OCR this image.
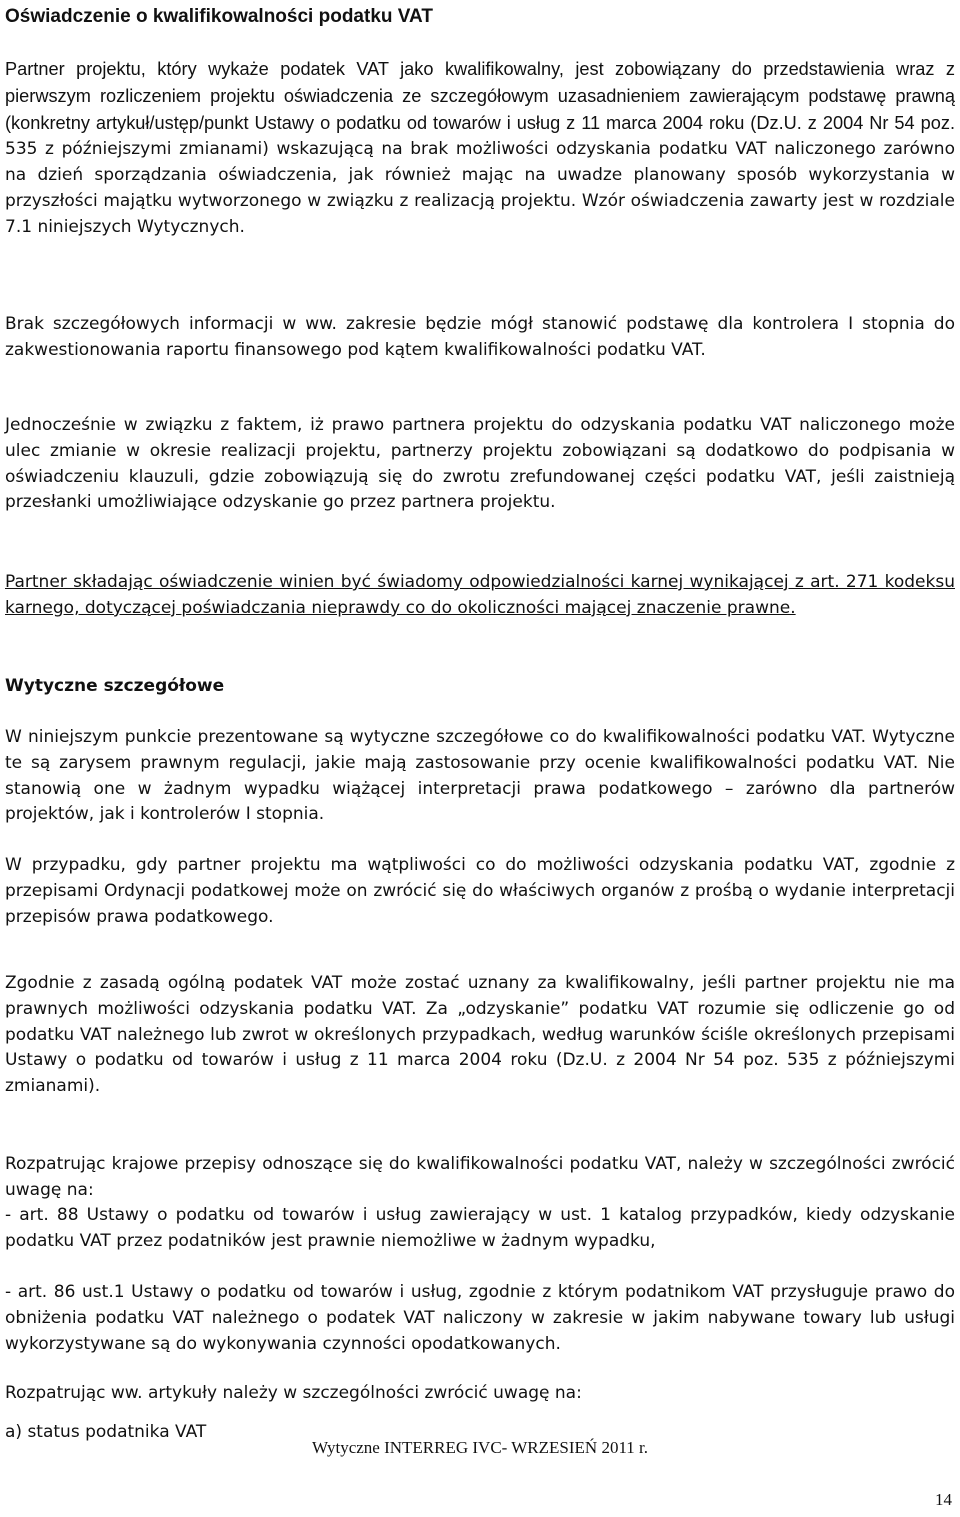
Oświadczenie o kwalifikowalności podatku VAT

Partner projektu, który wykaże podatek VAT jako kwalifikowalny, jest zobowiązany do przedstawienia wraz z pierwszym rozliczeniem projektu oświadczenia ze szczegółowym uzasadnieniem zawierającym podstawę prawną (konkretny artykuł/ustęp/punkt Ustawy o podatku od towarów i usług z 11 marca 2004 roku (Dz.U. z 2004 Nr 54 poz. 535 z późniejszymi zmianami) wskazującą na brak możliwości odzyskania podatku VAT naliczonego zarówno na dzień sporządzania oświadczenia, jak również mając na uwadze planowany sposób wykorzystania w przyszłości majątku wytworzonego w związku z realizacją projektu. Wzór oświadczenia zawarty jest w rozdziale 7.1 niniejszych Wytycznych.

Brak szczegółowych informacji w ww. zakresie będzie mógł stanowić podstawę dla kontrolera I stopnia do zakwestionowania raportu finansowego pod kątem kwalifikowalności podatku VAT.

Jednocześnie w związku z faktem, iż prawo partnera projektu do odzyskania podatku VAT naliczonego może ulec zmianie w okresie realizacji projektu, partnerzy projektu zobowiązani są dodatkowo do podpisania w oświadczeniu klauzuli, gdzie zobowiązują się do zwrotu zrefundowanej części podatku VAT, jeśli zaistnieją przesłanki umożliwiające odzyskanie go przez partnera projektu.

Partner składając oświadczenie winien być świadomy odpowiedzialności karnej wynikającej z art. 271 kodeksu karnego, dotyczącej poświadczania nieprawdy co do okoliczności mającej znaczenie prawne.

Wytyczne szczegółowe

W niniejszym punkcie prezentowane są wytyczne szczegółowe co do kwalifikowalności podatku VAT. Wytyczne te są zarysem prawnym regulacji, jakie mają zastosowanie przy ocenie kwalifikowalności podatku VAT. Nie stanowią one w żadnym wypadku wiążącej interpretacji prawa podatkowego – zarówno dla partnerów projektów, jak i kontrolerów I stopnia.

W przypadku, gdy partner projektu ma wątpliwości co do możliwości odzyskania podatku VAT, zgodnie z przepisami Ordynacji podatkowej może on zwrócić się do właściwych organów z prośbą o wydanie interpretacji przepisów prawa podatkowego.

Zgodnie z zasadą ogólną podatek VAT może zostać uznany za kwalifikowalny, jeśli partner projektu nie ma prawnych możliwości odzyskania podatku VAT. Za „odzyskanie” podatku VAT rozumie się odliczenie go od podatku VAT należnego lub zwrot w określonych przypadkach, według warunków ściśle określonych przepisami Ustawy o podatku od towarów i usług z 11 marca 2004 roku (Dz.U. z 2004 Nr 54 poz. 535 z późniejszymi zmianami).

Rozpatrując krajowe przepisy odnoszące się do kwalifikowalności podatku VAT, należy w szczególności zwrócić uwagę na:

- art. 88 Ustawy o podatku od towarów i usług zawierający w ust. 1 katalog przypadków, kiedy odzyskanie podatku VAT przez podatników jest prawnie niemożliwe w żadnym wypadku,

- art. 86 ust.1 Ustawy o podatku od towarów i usług, zgodnie z którym podatnikom VAT przysługuje prawo do obniżenia podatku VAT należnego o podatek VAT naliczony w zakresie w jakim nabywane towary lub usługi wykorzystywane są do wykonywania czynności opodatkowanych.

Rozpatrując ww. artykuły należy w szczególności zwrócić uwagę na:

a) status podatnika VAT
Wytyczne INTERREG IVC- WRZESIEŃ 2011 r.
14
